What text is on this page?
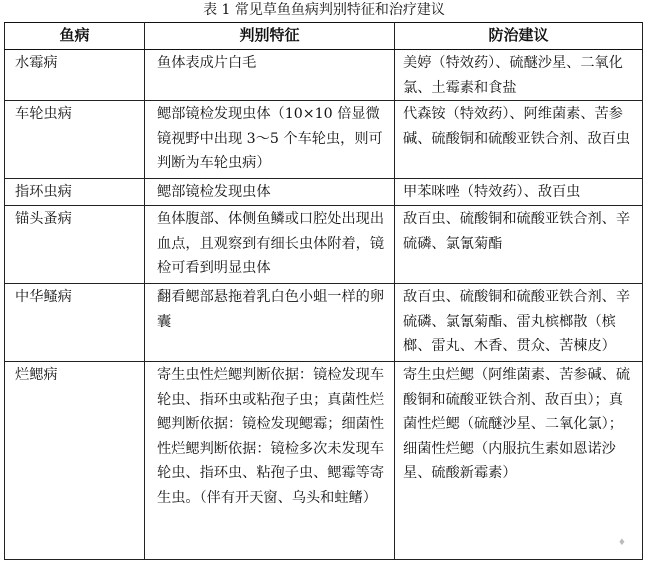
表 1 常见草鱼鱼病判别特征和治疗建议
鱼病	判别特征	防治建议
水霉病	鱼体表成片白毛	美婷（特效药）、硫醚沙星、二氧化氯、土霉素和食盐
车轮虫病	鳃部镜检发现虫体（10×10 倍显微镜视野中出现 3～5 个车轮虫，则可判断为车轮虫病）	代森铵（特效药）、阿维菌素、苦参碱、硫酸铜和硫酸亚铁合剂、敌百虫
指环虫病	鳃部镜检发现虫体	甲苯咪唑（特效药）、敌百虫
锚头蚤病	鱼体腹部、体侧鱼鳞或口腔处出现出血点，且观察到有细长虫体附着，镜检可看到明显虫体	敌百虫、硫酸铜和硫酸亚铁合剂、辛硫磷、氯氰菊酯
中华鳋病	翻看鳃部悬拖着乳白色小蛆一样的卵囊	敌百虫、硫酸铜和硫酸亚铁合剂、辛硫磷、氯氰菊酯、雷丸槟榔散（槟榔、雷丸、木香、贯众、苦楝皮）
烂鳃病	寄生虫性烂鳃判断依据：镜检发现车轮虫、指环虫或粘孢子虫；真菌性烂鳃判断依据：镜检发现鳃霉；细菌性性烂鳃判断依据：镜检多次未发现车轮虫、指环虫、粘孢子虫、鳃霉等寄生虫。（伴有开天窗、乌头和蛀鳍）	寄生虫烂鳃（阿维菌素、苦参碱、硫酸铜和硫酸亚铁合剂、敌百虫）；真菌性烂鳃（硫醚沙星、二氧化氯）；细菌性烂鳃（内服抗生素如恩诺沙星、硫酸新霉素）
♦
